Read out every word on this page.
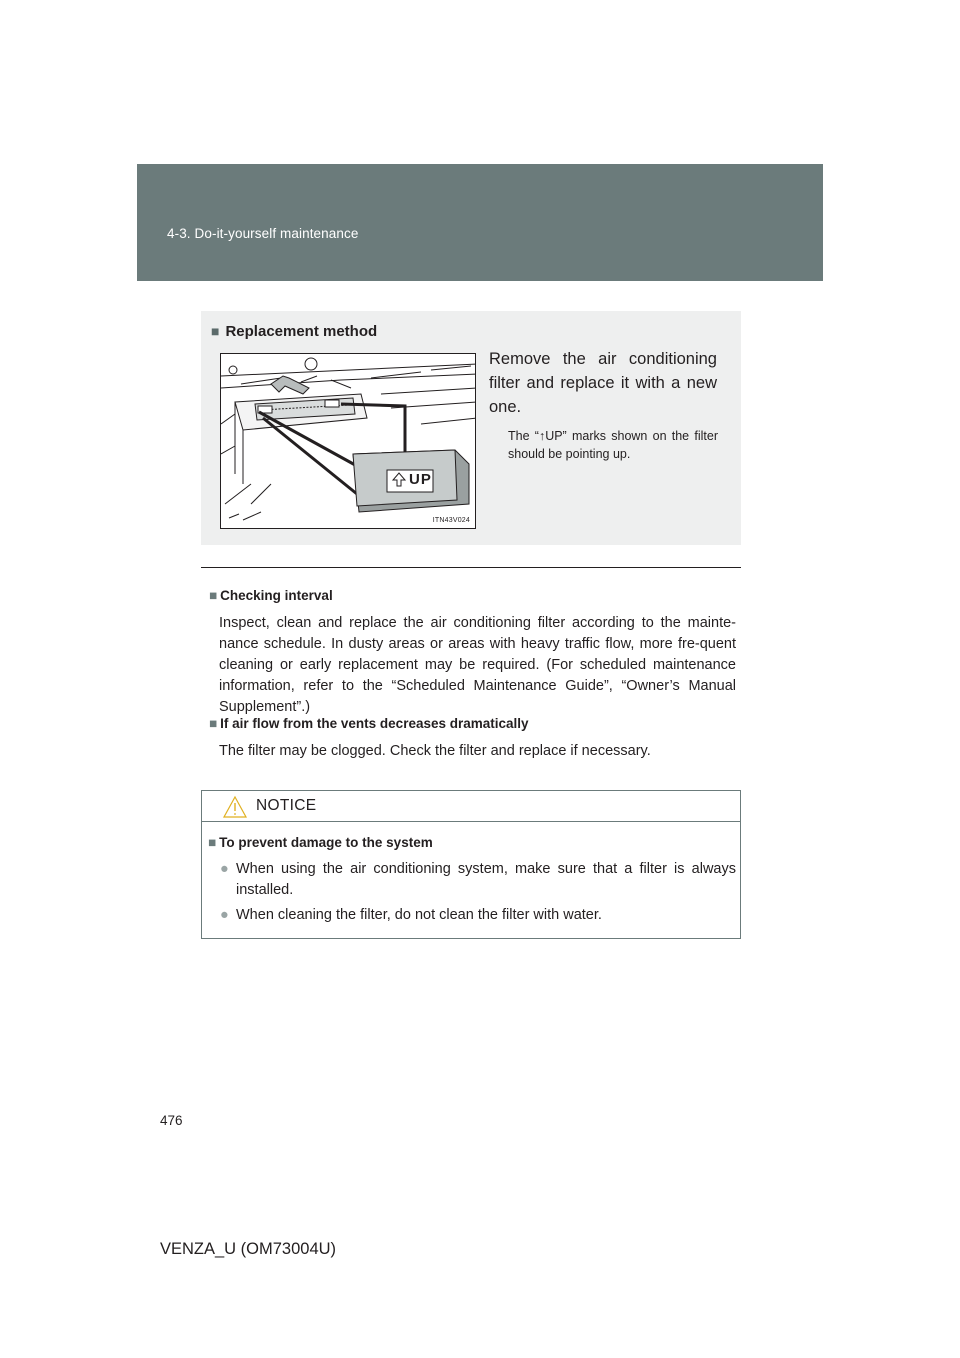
4-3. Do-it-yourself maintenance
■ Replacement method
UP
ITN43V024
Remove the air conditioning filter and replace it with a new one.
The “↑UP” marks shown on the filter should be pointing up.
■ Checking interval

Inspect, clean and replace the air conditioning filter according to the mainte-nance schedule. In dusty areas or areas with heavy traffic flow, more fre-quent cleaning or early replacement may be required. (For scheduled maintenance information, refer to the “Scheduled Maintenance Guide”, “Owner’s Manual Supplement”.)

■ If air flow from the vents decreases dramatically

The filter may be clogged. Check the filter and replace if necessary.

NOTICE
■ To prevent damage to the system
● When using the air conditioning system, make sure that a filter is always installed.
● When cleaning the filter, do not clean the filter with water.
476
VENZA_U (OM73004U)
